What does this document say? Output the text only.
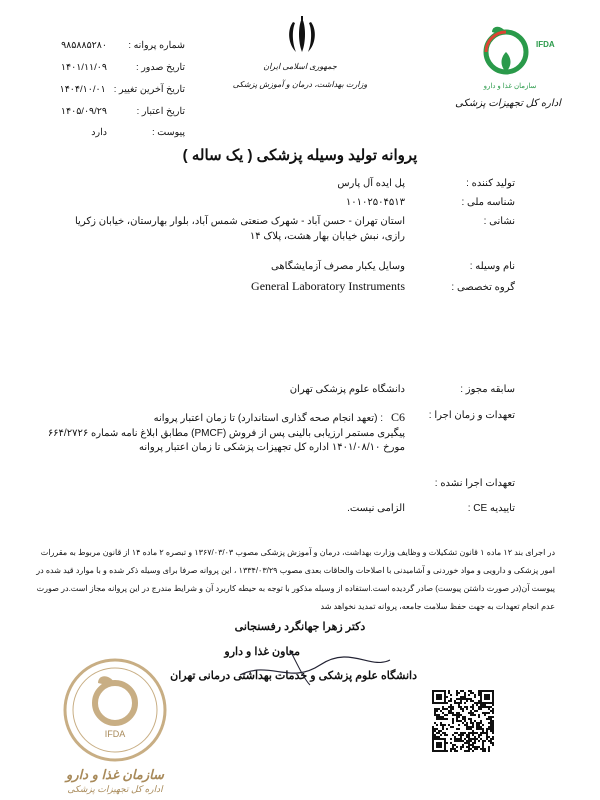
جمهوری اسلامی ایران
وزارت بهداشت، درمان و آموزش پزشکی
IFDA
سازمان غذا و دارو
اداره کل تجهیزات پزشکی
شماره پروانه :
۹۸۵۸۸۵۲۸۰
تاریخ صدور :
۱۴۰۱/۱۱/۰۹
تاریخ آخرین تغییر :
۱۴۰۴/۱۰/۰۱
تاریخ اعتبار :
۱۴۰۵/۰۹/۲۹
پیوست :
دارد
پروانه تولید وسیله پزشکی ( یک ساله )
تولید کننده :
پل ایده آل پارس
شناسه ملی :
۱۰۱۰۲۵۰۴۵۱۳
نشانی :
استان تهران - حسن آباد - شهرک صنعتی شمس آباد، بلوار بهارستان، خیابان زکریا
رازی، نبش خیابان بهار هشت، پلاک ۱۴
نام وسیله :
وسایل یکبار مصرف آزمایشگاهی
گروه تخصصی :
General Laboratory Instruments
سابقه مجوز :
دانشگاه علوم پزشکی تهران
تعهدات و زمان اجرا :
C6
: (تعهد انجام صحه گذاری استاندارد) تا زمان اعتبار پروانه
پیگیری مستمر ارزیابی بالینی پس از فروش (PMCF) مطابق ابلاغ نامه شماره ۶۶۴/۲۷۲۶
مورخ ۱۴۰۱/۰۸/۱۰ اداره کل تجهیزات پزشکی تا زمان اعتبار پروانه
تعهدات اجرا نشده :
تاییدیه CE :
الزامی نیست.
در اجرای بند ۱۲ ماده ۱ قانون تشکیلات و وظایف وزارت بهداشت، درمان و آموزش پزشکی مصوب ۱۳۶۷/۰۳/۰۳ و تبصره ۲ ماده ۱۴ از قانون مربوط به مقررات امور پزشکی و دارویی و مواد خوردنی و آشامیدنی با اصلاحات والحاقات بعدی مصوب ۱۳۳۴/۰۳/۲۹ ، این پروانه صرفا برای وسیله ذکر شده و با موارد قید شده در پیوست آن(در صورت داشتن پیوست) صادر گردیده است.استفاده از وسیله مذکور با توجه به حیطه کاربرد آن و شرایط مندرج در این پروانه مجاز است.در صورت عدم انجام تعهدات به جهت حفظ سلامت جامعه، پروانه تمدید نخواهد شد
دکتر زهرا جهانگرد رفسنجانی
معاون غذا و دارو
دانشگاه علوم پزشکی و خدمات بهداشتی درمانی تهران
IFDA
سازمان غذا و دارو
اداره کل تجهیزات پزشکی
